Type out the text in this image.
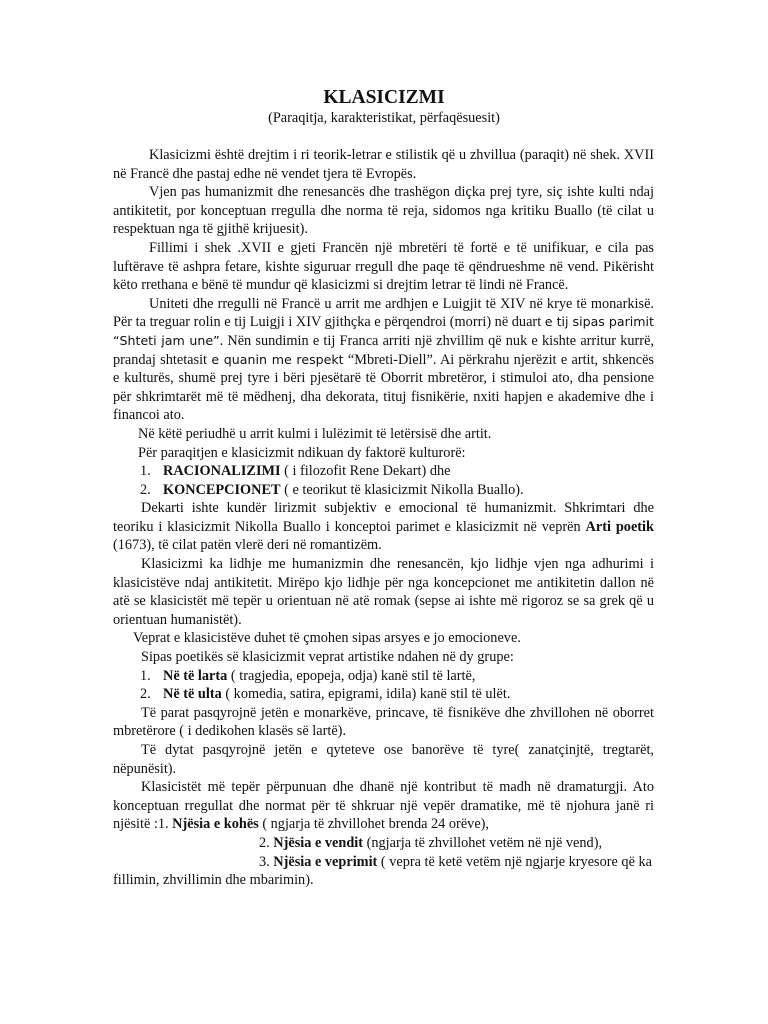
KLASICIZMI
(Paraqitja, karakteristikat, përfaqësuesit)

Klasicizmi është drejtim i ri teorik-letrar e stilistik që u zhvillua (paraqit) në shek. XVII në Francë dhe pastaj edhe në vendet tjera të Evropës.

Vjen pas humanizmit dhe renesancës dhe trashëgon diçka prej tyre, siç ishte kulti ndaj antikitetit, por konceptuan rregulla dhe norma të reja, sidomos nga kritiku Buallo (të cilat u respektuan nga të gjithë krijuesit).

Fillimi i shek .XVII e gjeti Francën një mbretëri të fortë e të unifikuar, e cila pas luftërave të ashpra fetare, kishte siguruar rregull dhe paqe të qëndrueshme në vend. Pikërisht këto rrethana e bënë të mundur që klasicizmi si drejtim letrar të lindi në Francë.

Uniteti dhe rregulli në Francë u arrit me ardhjen e Luigjit të XIV në krye të monarkisë. Për ta treguar rolin e tij Luigji i XIV gjithçka e përqendroi (morri) në duart e tij sipas parimit “Shteti jam une”. Nën sundimin e tij Franca arriti një zhvillim që nuk e kishte arritur kurrë, prandaj shtetasit e quanin me respekt “Mbreti-Diell”. Ai përkrahu njerëzit e artit, shkencës e kulturës, shumë prej tyre i bëri pjesëtarë të Oborrit mbretëror, i stimuloi ato, dha pensione për shkrimtarët më të mëdhenj, dha dekorata, tituj fisnikërie, nxiti hapjen e akademive dhe i financoi ato.

Në këtë periudhë u arrit kulmi i lulëzimit të letërsisë dhe artit.

Për paraqitjen e klasicizmit ndikuan dy faktorë kulturorë:

1. RACIONALIZIMI ( i filozofit Rene Dekart) dhe

2. KONCEPCIONET ( e teorikut të klasicizmit Nikolla Buallo).

Dekarti ishte kundër lirizmit subjektiv e emocional të humanizmit. Shkrimtari dhe teoriku i klasicizmit Nikolla Buallo i konceptoi parimet e klasicizmit në veprën Arti poetik (1673), të cilat patën vlerë deri në romantizëm.

Klasicizmi ka lidhje me humanizmin dhe renesancën, kjo lidhje vjen nga adhurimi i klasicistëve ndaj antikitetit. Mirëpo kjo lidhje për nga koncepcionet me antikitetin dallon në atë se klasicistët më tepër u orientuan në atë romak (sepse ai ishte më rigoroz se sa grek që u orientuan humanistët).

Veprat e klasicistëve duhet të çmohen sipas arsyes e jo emocioneve.

Sipas poetikës së klasicizmit veprat artistike ndahen në dy grupe:

1. Në të larta ( tragjedia, epopeja, odja) kanë stil të lartë,

2. Në të ulta ( komedia, satira, epigrami, idila) kanë stil të ulët.

Të parat pasqyrojnë jetën e monarkëve, princave, të fisnikëve dhe zhvillohen në oborret mbretërore ( i dedikohen klasës së lartë).

Të dytat pasqyrojnë jetën e qyteteve ose banorëve të tyre( zanatçinjtë, tregtarët, nëpunësit).

Klasicistët më tepër përpunuan dhe dhanë një kontribut të madh në dramaturgji. Ato konceptuan rregullat dhe normat për të shkruar një vepër dramatike, më të njohura janë ri njësitë :1. Njësia e kohës ( ngjarja të zhvillohet brenda 24 orëve),

2. Njësia e vendit (ngjarja të zhvillohet vetëm në një vend),

3. Njësia e veprimit ( vepra të ketë vetëm një ngjarje kryesore që ka fillimin, zhvillimin dhe mbarimin).
